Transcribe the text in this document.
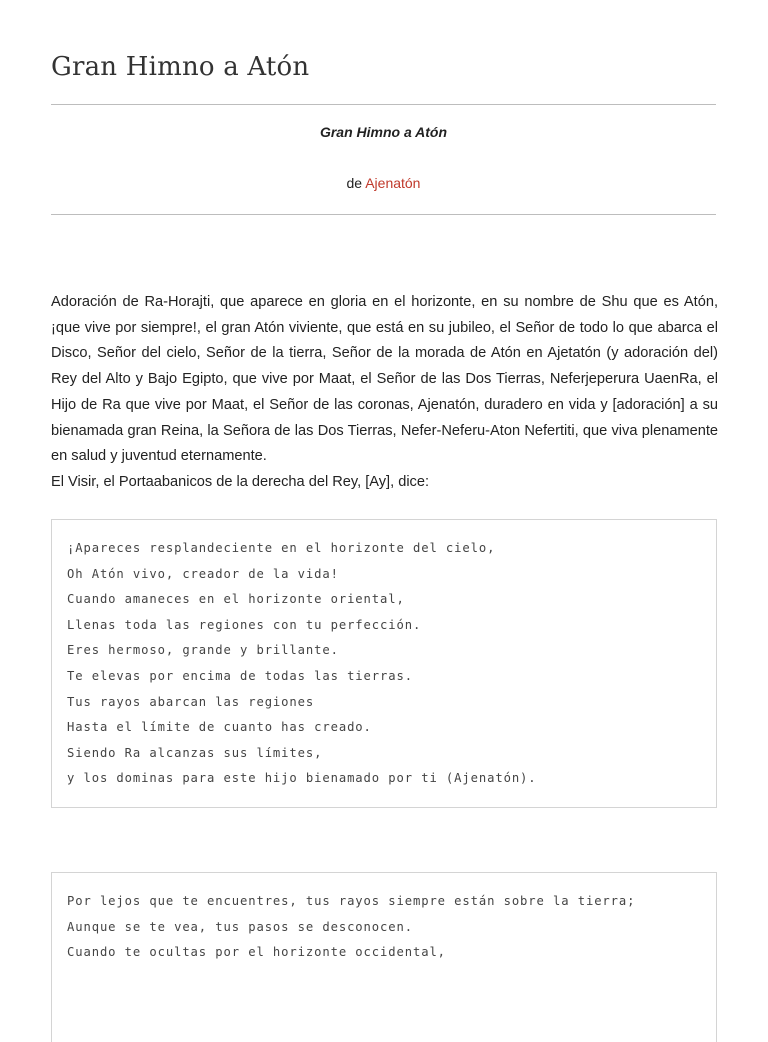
Gran Himno a Atón
Gran Himno a Atón
de Ajenatón

Adoración de Ra-Horajti, que aparece en gloria en el horizonte, en su nombre de Shu que es Atón, ¡que vive por siempre!, el gran Atón viviente, que está en su jubileo, el Señor de todo lo que abarca el Disco, Señor del cielo, Señor de la tierra, Señor de la morada de Atón en Ajetatón (y adoración del) Rey del Alto y Bajo Egipto, que vive por Maat, el Señor de las Dos Tierras, Neferjeperura UaenRa, el Hijo de Ra que vive por Maat, el Señor de las coronas, Ajenatón, duradero en vida y [adoración] a su bienamada gran Reina, la Señora de las Dos Tierras, Nefer-Neferu-Aton Nefertiti, que viva plenamente en salud y juventud eternamente.

El Visir, el Portaabanicos de la derecha del Rey, [Ay], dice:

¡Apareces resplandeciente en el horizonte del cielo,
Oh Atón vivo, creador de la vida!
Cuando amaneces en el horizonte oriental,
Llenas toda las regiones con tu perfección.
Eres hermoso, grande y brillante.
Te elevas por encima de todas las tierras.
Tus rayos abarcan las regiones
Hasta el límite de cuanto has creado.
Siendo Ra alcanzas sus límites,
y los dominas para este hijo bienamado por ti (Ajenatón).
Por lejos que te encuentres, tus rayos siempre están sobre la tierra;
Aunque se te vea, tus pasos se desconocen.
Cuando te ocultas por el horizonte occidental,
